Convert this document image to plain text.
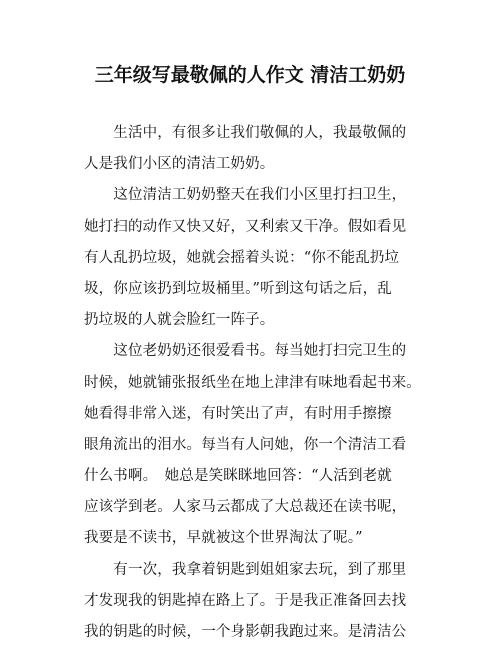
三年级写最敬佩的人作文 清洁工奶奶
　　生活中，有很多让我们敬佩的人，我最敬佩的
人是我们小区的清洁工奶奶。
　　这位清洁工奶奶整天在我们小区里打扫卫生，
她打扫的动作又快又好，又利索又干净。假如看见
有人乱扔垃圾，她就会摇着头说：“你不能乱扔垃
圾，你应该扔到垃圾桶里。”听到这句话之后，乱
扔垃圾的人就会脸红一阵子。
　　这位老奶奶还很爱看书。每当她打扫完卫生的
时候，她就铺张报纸坐在地上津津有味地看起书来。
她看得非常入迷，有时笑出了声，有时用手擦擦
眼角流出的泪水。每当有人问她，你一个清洁工看
什么书啊。　她总是笑眯眯地回答：“人活到老就
应该学到老。人家马云都成了大总裁还在读书呢，
我要是不读书，早就被这个世界淘汰了呢。”
　　有一次，我拿着钥匙到姐姐家去玩，到了那里
才发现我的钥匙掉在路上了。于是我正准备回去找
我的钥匙的时候，一个身影朝我跑过来。是清洁公
